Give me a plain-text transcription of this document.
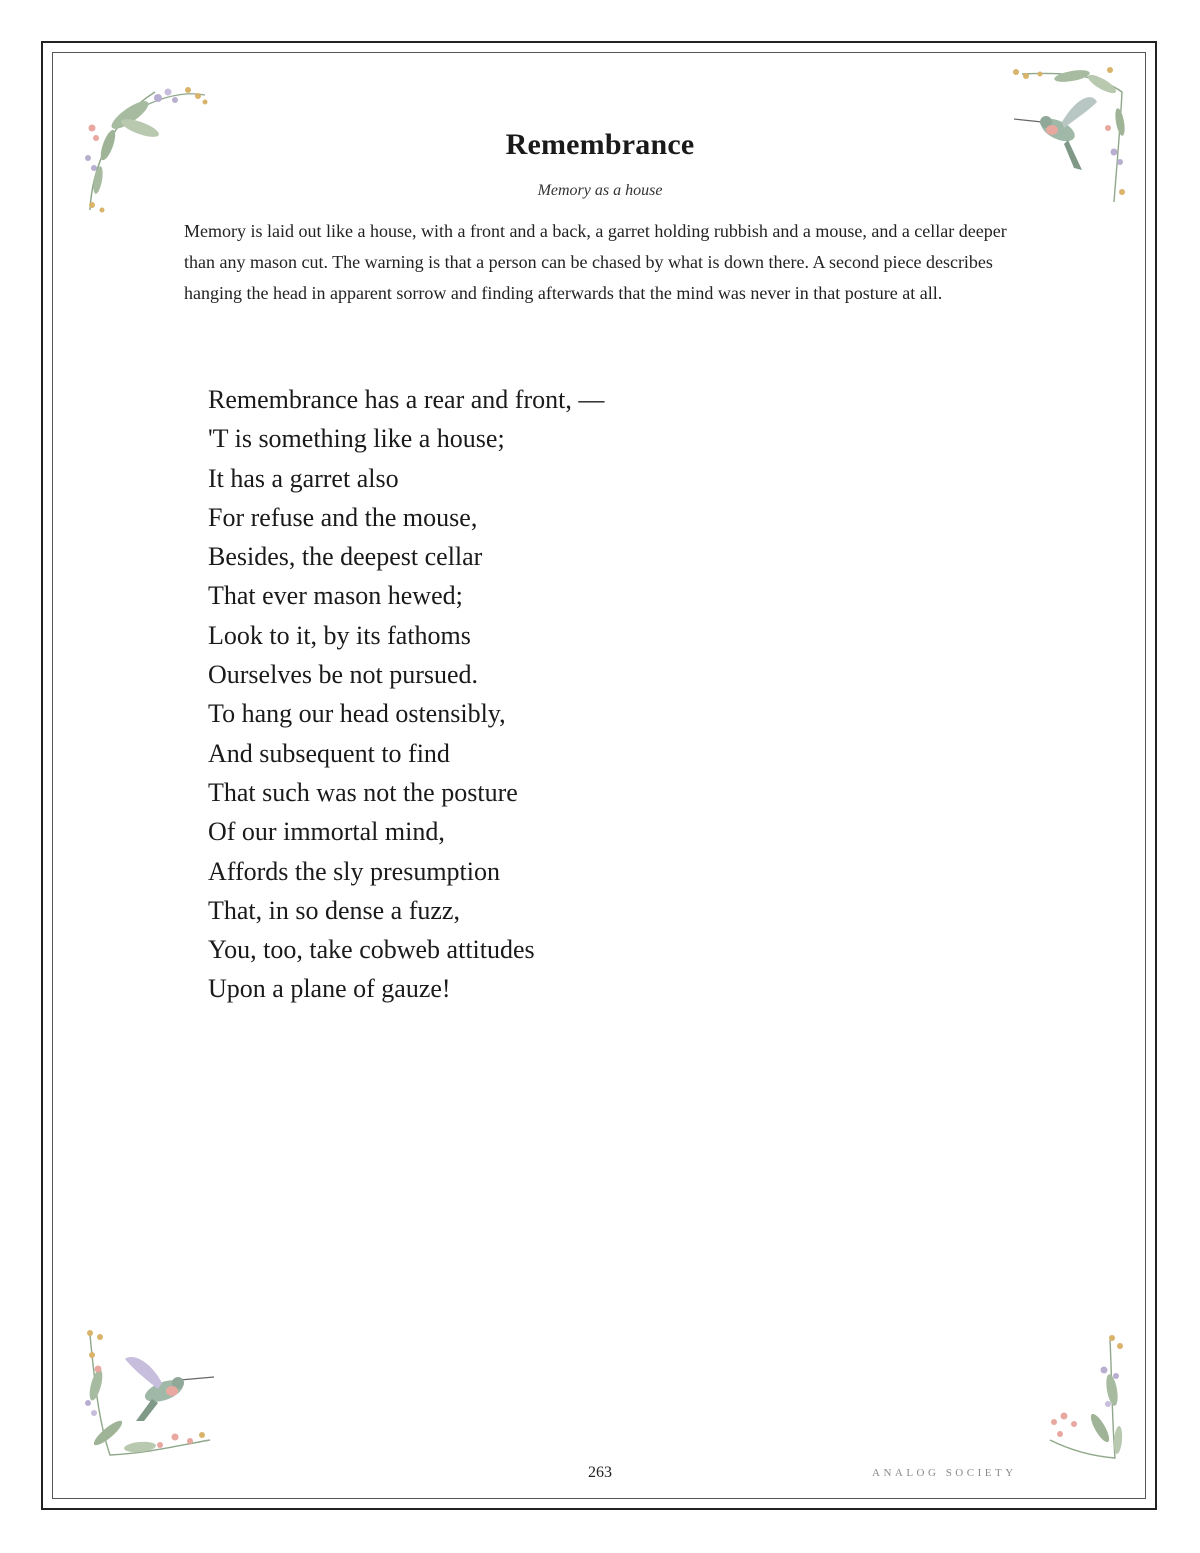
Remembrance
Memory as a house

Memory is laid out like a house, with a front and a back, a garret holding rubbish and a mouse, and a cellar deeper than any mason cut. The warning is that a person can be chased by what is down there. A second piece describes hanging the head in apparent sorrow and finding afterwards that the mind was never in that posture at all.

Remembrance has a rear and front, —
'T is something like a house;
It has a garret also
For refuse and the mouse,
Besides, the deepest cellar
That ever mason hewed;
Look to it, by its fathoms
Ourselves be not pursued.
To hang our head ostensibly,
And subsequent to find
That such was not the posture
Of our immortal mind,
Affords the sly presumption
That, in so dense a fuzz,
You, too, take cobweb attitudes
Upon a plane of gauze!
263	ANALOG SOCIETY
